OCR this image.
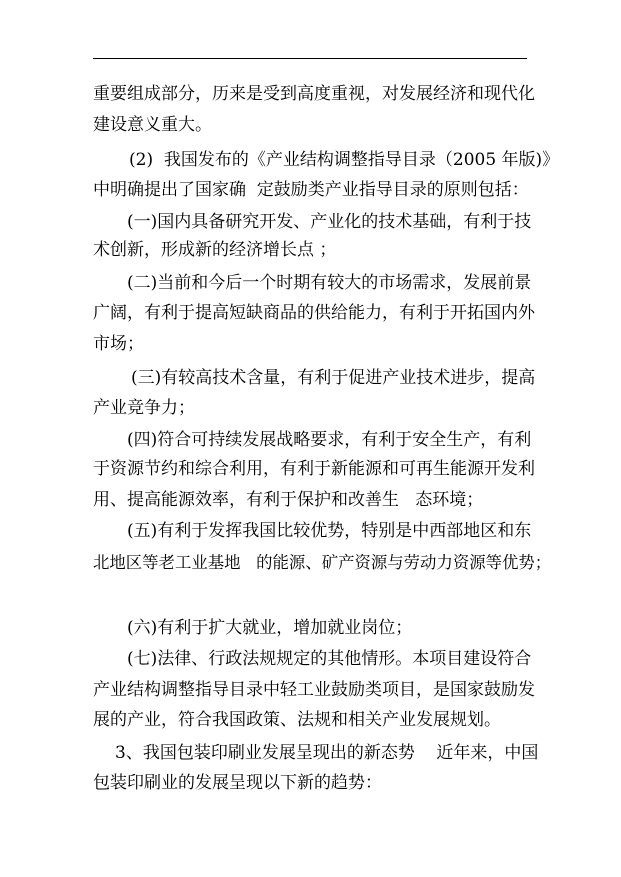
重要组成部分，历来是受到高度重视，对发展经济和现代化
建设意义重大。
(2)  我国发布的《产业结构调整指导目录（2005 年版)》
中明确提出了国家确  定鼓励类产业指导目录的原则包括：
(一)国内具备研究开发、产业化的技术基础，有利于技
术创新，形成新的经济增长点 ；
(二)当前和今后一个时期有较大的市场需求，发展前景
广阔，有利于提高短缺商品的供给能力，有利于开拓国内外
市场；
(三)有较高技术含量，有利于促进产业技术进步，提高
产业竞争力；
(四)符合可持续发展战略要求，有利于安全生产，有利
于资源节约和综合利用，有利于新能源和可再生能源开发利
用、提高能源效率，有利于保护和改善生   态环境；
(五)有利于发挥我国比较优势，特别是中西部地区和东
北地区等老工业基地   的能源、矿产资源与劳动力资源等优势；
(六)有利于扩大就业，增加就业岗位；
(七)法律、行政法规规定的其他情形。本项目建设符合
产业结构调整指导目录中轻工业鼓励类项目，是国家鼓励发
展的产业，符合我国政策、法规和相关产业发展规划。
3、我国包装印刷业发展呈现出的新态势    近年来，中国
包装印刷业的发展呈现以下新的趋势：
